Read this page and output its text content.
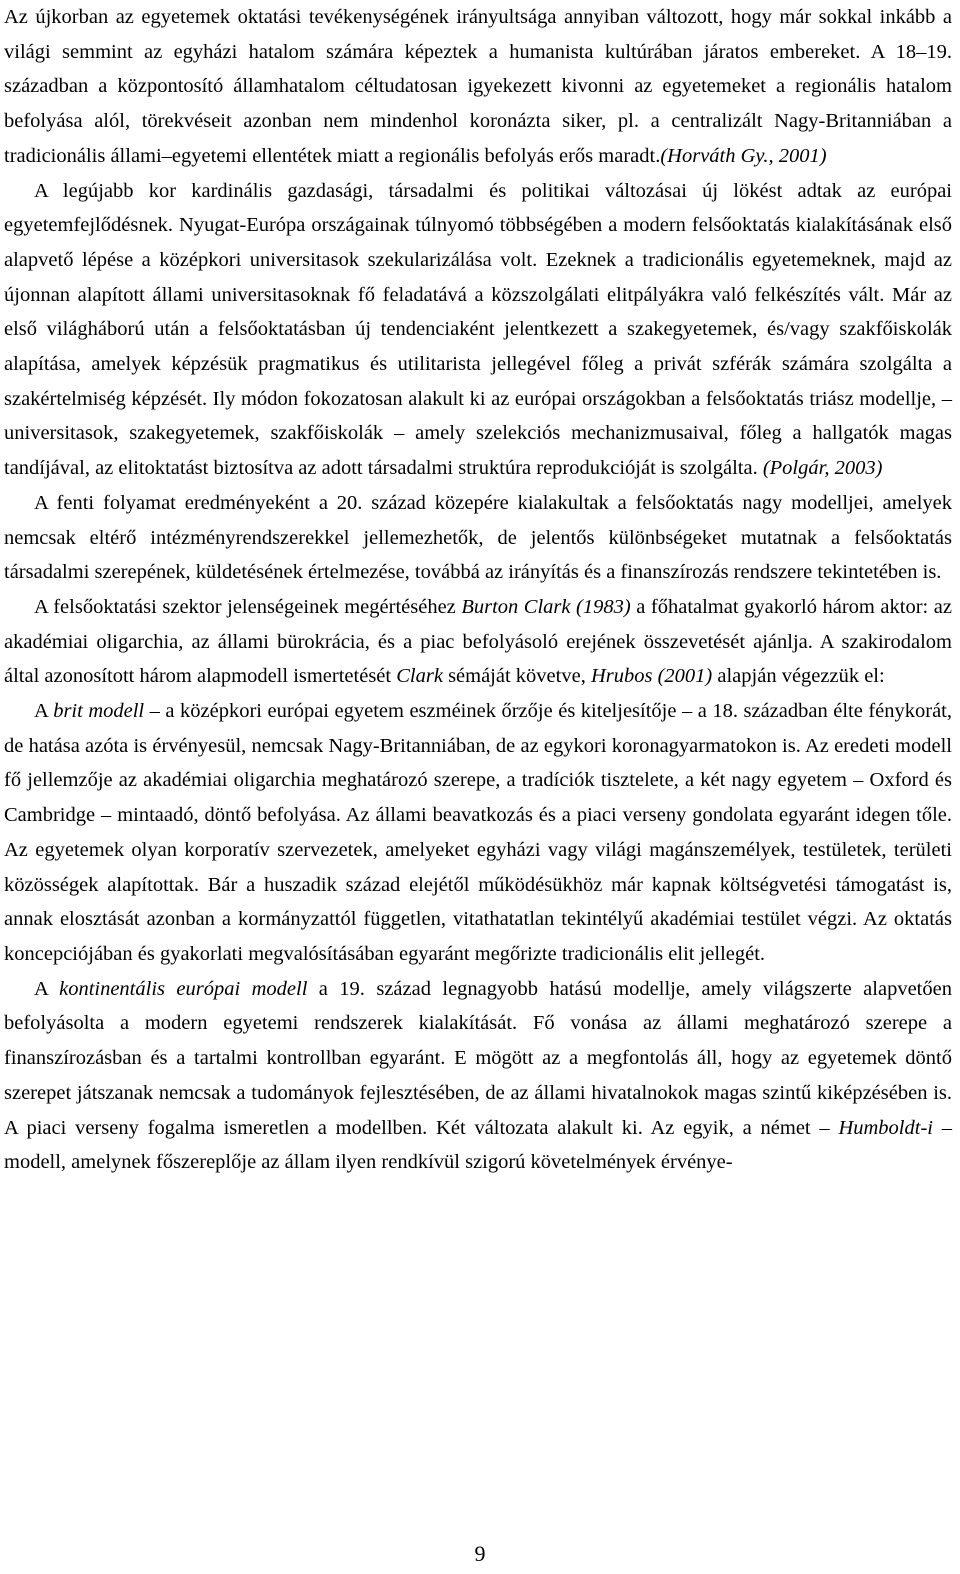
Az újkorban az egyetemek oktatási tevékenységének irányultsága annyiban változott, hogy már sokkal inkább a világi semmint az egyházi hatalom számára képeztek a humanista kultúrában járatos embereket. A 18–19. században a központosító államhatalom céltudatosan igyekezett kivonni az egyetemeket a regionális hatalom befolyása alól, törekvéseit azonban nem mindenhol koronázta siker, pl. a centralizált Nagy-Britanniában a tradicionális állami–egyetemi ellentétek miatt a regionális befolyás erős maradt.(Horváth Gy., 2001)

A legújabb kor kardinális gazdasági, társadalmi és politikai változásai új lökést adtak az európai egyetemfejlődésnek. Nyugat-Európa országainak túlnyomó többségében a modern felsőoktatás kialakításának első alapvető lépése a középkori universitasok szekularizálása volt. Ezeknek a tradicionális egyetemeknek, majd az újonnan alapított állami universitasoknak fő feladatává a közszolgálati elitpályákra való felkészítés vált. Már az első világháború után a felsőoktatásban új tendenciaként jelentkezett a szakegyetemek, és/vagy szakfőiskolák alapítása, amelyek képzésük pragmatikus és utilitarista jellegével főleg a privát szférák számára szolgálta a szakértelmiség képzését. Ily módon fokozatosan alakult ki az európai országokban a felsőoktatás triász modellje, – universitasok, szakegyetemek, szakfőiskolák – amely szelekciós mechanizmusaival, főleg a hallgatók magas tandíjával, az elitoktatást biztosítva az adott társadalmi struktúra reprodukcióját is szolgálta. (Polgár, 2003)

A fenti folyamat eredményeként a 20. század közepére kialakultak a felsőoktatás nagy modelljei, amelyek nemcsak eltérő intézményrendszerekkel jellemezhetők, de jelentős különbségeket mutatnak a felsőoktatás társadalmi szerepének, küldetésének értelmezése, továbbá az irányítás és a finanszírozás rendszere tekintetében is.

A felsőoktatási szektor jelenségeinek megértéséhez Burton Clark (1983) a főhatalmat gyakorló három aktor: az akadémiai oligarchia, az állami bürokrácia, és a piac befolyásoló erejének összevetését ajánlja. A szakirodalom által azonosított három alapmodell ismertetését Clark sémáját követve, Hrubos (2001) alapján végezzük el:

A brit modell – a középkori európai egyetem eszméinek őrzője és kiteljesítője – a 18. században élte fénykorát, de hatása azóta is érvényesül, nemcsak Nagy-Britanniában, de az egykori koronagyarmatokon is. Az eredeti modell fő jellemzője az akadémiai oligarchia meghatározó szerepe, a tradíciók tisztelete, a két nagy egyetem – Oxford és Cambridge – mintaadó, döntő befolyása. Az állami beavatkozás és a piaci verseny gondolata egyaránt idegen tőle. Az egyetemek olyan korporatív szervezetek, amelyeket egyházi vagy világi magánszemélyek, testületek, területi közösségek alapítottak. Bár a huszadik század elejétől működésükhöz már kapnak költségvetési támogatást is, annak elosztását azonban a kormányzattól független, vitathatatlan tekintélyű akadémiai testület végzi. Az oktatás koncepciójában és gyakorlati megvalósításában egyaránt megőrizte tradicionális elit jellegét.

A kontinentális európai modell a 19. század legnagyobb hatású modellje, amely világszerte alapvetően befolyásolta a modern egyetemi rendszerek kialakítását. Fő vonása az állami meghatározó szerepe a finanszírozásban és a tartalmi kontrollban egyaránt. E mögött az a megfontolás áll, hogy az egyetemek döntő szerepet játszanak nemcsak a tudományok fejlesztésében, de az állami hivatalnokok magas szintű kiképzésében is. A piaci verseny fogalma ismeretlen a modellben. Két változata alakult ki. Az egyik, a német – Humboldt-i – modell, amelynek főszereplője az állam ilyen rendkívül szigorú követelmények érvénye-

9
